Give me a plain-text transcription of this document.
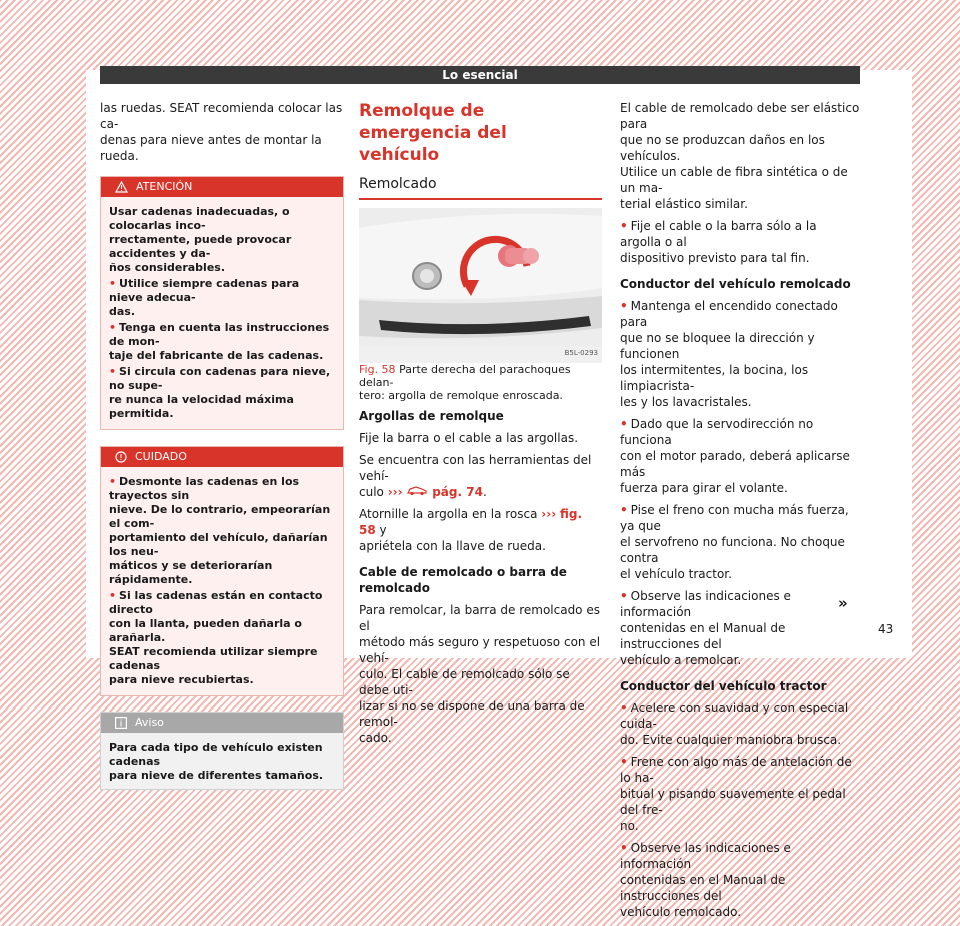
Lo esencial

las ruedas. SEAT recomienda colocar las ca-
denas para nieve antes de montar la rueda.

ATENCIÓN
Usar cadenas inadecuadas, o colocarlas inco-
rrectamente, puede provocar accidentes y da-
ños considerables.
• Utilice siempre cadenas para nieve adecua-
das.
• Tenga en cuenta las instrucciones de mon-
taje del fabricante de las cadenas.
• Si circula con cadenas para nieve, no supe-
re nunca la velocidad máxima permitida.
CUIDADO
• Desmonte las cadenas en los trayectos sin
nieve. De lo contrario, empeorarían el com-
portamiento del vehículo, dañarían los neu-
máticos y se deteriorarían rápidamente.
• Si las cadenas están en contacto directo
con la llanta, pueden dañarla o arañarla.
SEAT recomienda utilizar siempre cadenas
para nieve recubiertas.
Aviso
Para cada tipo de vehículo existen cadenas
para nieve de diferentes tamaños.
Remolque de emergencia del
vehículo
Remolcado
B5L-0293

Fig. 58 Parte derecha del parachoques delan-
tero: argolla de remolque enroscada.

Argollas de remolque

Fije la barra o el cable a las argollas.

Se encuentra con las herramientas del vehí-
culo ››› pág. 74.

Atornille la argolla en la rosca ››› fig. 58 y
apriétela con la llave de rueda.

Cable de remolcado o barra de remolcado

Para remolcar, la barra de remolcado es el
método más seguro y respetuoso con el vehí-
culo. El cable de remolcado sólo se debe uti-
lizar si no se dispone de una barra de remol-
cado.

El cable de remolcado debe ser elástico para
que no se produzcan daños en los vehículos.
Utilice un cable de fibra sintética o de un ma-
terial elástico similar.

• Fije el cable o la barra sólo a la argolla o al
dispositivo previsto para tal fin.

Conductor del vehículo remolcado

• Mantenga el encendido conectado para
que no se bloquee la dirección y funcionen
los intermitentes, la bocina, los limpiacrista-
les y los lavacristales.

• Dado que la servodirección no funciona
con el motor parado, deberá aplicarse más
fuerza para girar el volante.

• Pise el freno con mucha más fuerza, ya que
el servofreno no funciona. No choque contra
el vehículo tractor.

• Observe las indicaciones e información
contenidas en el Manual de instrucciones del
vehículo a remolcar.

Conductor del vehículo tractor

• Acelere con suavidad y con especial cuida-
do. Evite cualquier maniobra brusca.

• Frene con algo más de antelación de lo ha-
bitual y pisando suavemente el pedal del fre-
no.

• Observe las indicaciones e información
contenidas en el Manual de instrucciones del
vehículo remolcado.

»
43
